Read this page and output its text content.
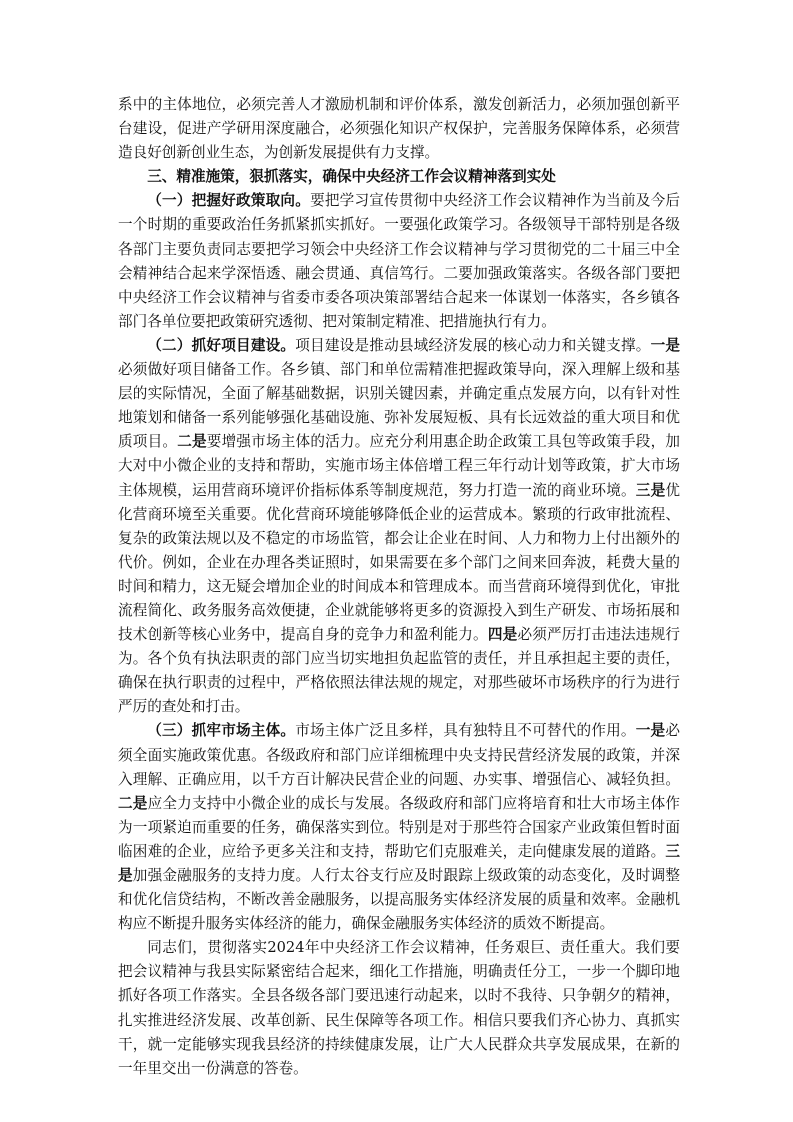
系中的主体地位，必须完善人才激励机制和评价体系，激发创新活力，必须加强创新平台建设，促进产学研用深度融合，必须强化知识产权保护，完善服务保障体系，必须营造良好创新创业生态，为创新发展提供有力支撑。

三、精准施策，狠抓落实，确保中央经济工作会议精神落到实处

（一）把握好政策取向。要把学习宣传贯彻中央经济工作会议精神作为当前及今后一个时期的重要政治任务抓紧抓实抓好。一要强化政策学习。各级领导干部特别是各级各部门主要负责同志要把学习领会中央经济工作会议精神与学习贯彻党的二十届三中全会精神结合起来学深悟透、融会贯通、真信笃行。二要加强政策落实。各级各部门要把中央经济工作会议精神与省委市委各项决策部署结合起来一体谋划一体落实，各乡镇各部门各单位要把政策研究透彻、把对策制定精准、把措施执行有力。

（二）抓好项目建设。项目建设是推动县域经济发展的核心动力和关键支撑。一是必须做好项目储备工作。各乡镇、部门和单位需精准把握政策导向，深入理解上级和基层的实际情况，全面了解基础数据，识别关键因素，并确定重点发展方向，以有针对性地策划和储备一系列能够强化基础设施、弥补发展短板、具有长远效益的重大项目和优质项目。二是要增强市场主体的活力。应充分利用惠企助企政策工具包等政策手段，加大对中小微企业的支持和帮助，实施市场主体倍增工程三年行动计划等政策，扩大市场主体规模，运用营商环境评价指标体系等制度规范，努力打造一流的商业环境。三是优化营商环境至关重要。优化营商环境能够降低企业的运营成本。繁琐的行政审批流程、复杂的政策法规以及不稳定的市场监管，都会让企业在时间、人力和物力上付出额外的代价。例如，企业在办理各类证照时，如果需要在多个部门之间来回奔波，耗费大量的时间和精力，这无疑会增加企业的时间成本和管理成本。而当营商环境得到优化，审批流程简化、政务服务高效便捷，企业就能够将更多的资源投入到生产研发、市场拓展和技术创新等核心业务中，提高自身的竞争力和盈利能力。四是必须严厉打击违法违规行为。各个负有执法职责的部门应当切实地担负起监管的责任，并且承担起主要的责任，确保在执行职责的过程中，严格依照法律法规的规定，对那些破坏市场秩序的行为进行严厉的查处和打击。

（三）抓牢市场主体。市场主体广泛且多样，具有独特且不可替代的作用。一是必须全面实施政策优惠。各级政府和部门应详细梳理中央支持民营经济发展的政策，并深入理解、正确应用，以千方百计解决民营企业的问题、办实事、增强信心、减轻负担。二是应全力支持中小微企业的成长与发展。各级政府和部门应将培育和壮大市场主体作为一项紧迫而重要的任务，确保落实到位。特别是对于那些符合国家产业政策但暂时面临困难的企业，应给予更多关注和支持，帮助它们克服难关，走向健康发展的道路。三是加强金融服务的支持力度。人行太谷支行应及时跟踪上级政策的动态变化，及时调整和优化信贷结构，不断改善金融服务，以提高服务实体经济发展的质量和效率。金融机构应不断提升服务实体经济的能力，确保金融服务实体经济的质效不断提高。

同志们，贯彻落实2024年中央经济工作会议精神，任务艰巨、责任重大。我们要把会议精神与我县实际紧密结合起来，细化工作措施，明确责任分工，一步一个脚印地抓好各项工作落实。全县各级各部门要迅速行动起来，以时不我待、只争朝夕的精神，扎实推进经济发展、改革创新、民生保障等各项工作。相信只要我们齐心协力、真抓实干，就一定能够实现我县经济的持续健康发展，让广大人民群众共享发展成果，在新的一年里交出一份满意的答卷。
